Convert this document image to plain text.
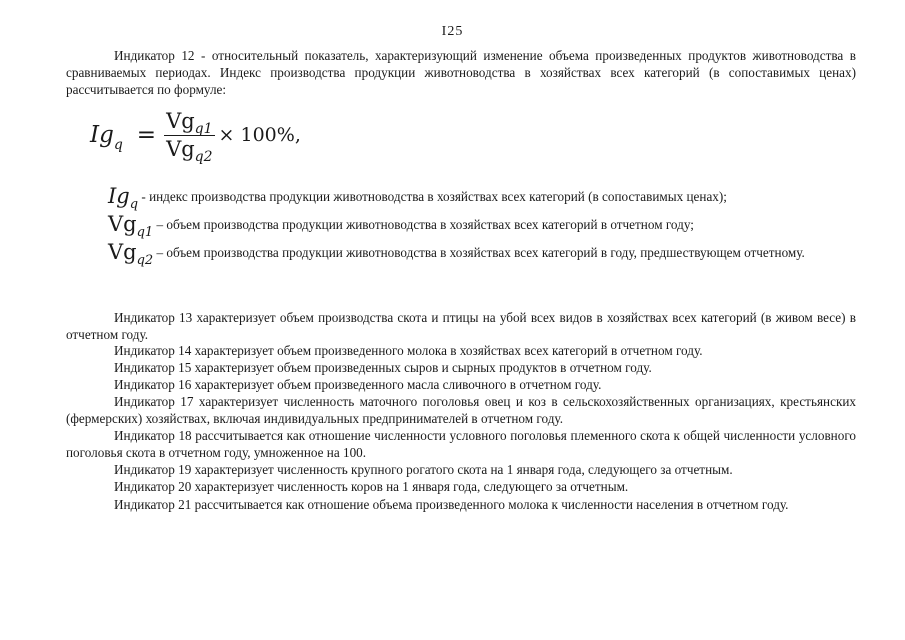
I25

Индикатор 12 - относительный показатель, характеризующий изменение объема произведенных продуктов животноводства в сравниваемых периодах. Индекс производства продукции животноводства в хозяйствах всех категорий (в сопоставимых ценах) рассчитывается по формуле:

$Ig_q = \frac{Vg_{q1}}{Vg_{q2}} \times 100\%$,

$Ig_q$ - индекс производства продукции животноводства в хозяйствах всех категорий (в сопоставимых ценах);

$Vg_{q1}$ – объем производства продукции животноводства в хозяйствах всех категорий в отчетном году;

$Vg_{q2}$ – объем производства продукции животноводства в хозяйствах всех категорий в году, предшествующем отчетному.

Индикатор 13 характеризует объем производства скота и птицы на убой всех видов в хозяйствах всех категорий (в живом весе) в отчетном году.

Индикатор 14 характеризует объем произведенного молока в хозяйствах всех категорий в отчетном году.

Индикатор 15 характеризует объем произведенных сыров и сырных продуктов в отчетном году.

Индикатор 16 характеризует объем произведенного масла сливочного в отчетном году.

Индикатор 17 характеризует численность маточного поголовья овец и коз в сельскохозяйственных организациях, крестьянских (фермерских) хозяйствах, включая индивидуальных предпринимателей в отчетном году.

Индикатор 18 рассчитывается как отношение численности условного поголовья племенного скота к общей численности условного поголовья скота в отчетном году, умноженное на 100.

Индикатор 19 характеризует численность крупного рогатого скота на 1 января года, следующего за отчетным.

Индикатор 20 характеризует численность коров на 1 января года, следующего за отчетным.

Индикатор 21 рассчитывается как отношение объема произведенного молока к численности населения в отчетном году.
